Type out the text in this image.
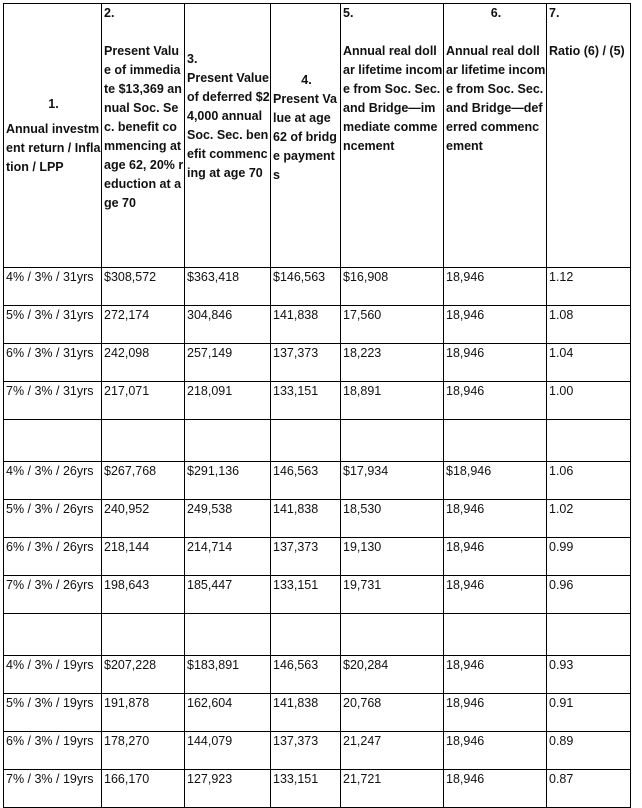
1.
Annual investment return / Inflation / LPP	2.
Present Value of immediate $13,369 annual Soc. Sec. benefit commencing at age 62, 20% reduction at age 70	3.
Present Value of deferred $24,000 annual Soc. Sec. benefit commencing at age 70	4.
Present Value at age 62 of bridge payments	5.
Annual real dollar lifetime income from Soc. Sec. and Bridge—immediate commencement	6.
Annual real dollar lifetime income from Soc. Sec. and Bridge—deferred commencement	7.
Ratio (6) / (5)
4% / 3% / 31yrs	$308,572	$363,418	$146,563	$16,908	18,946	1.12
5% / 3% / 31yrs	272,174	304,846	141,838	17,560	18,946	1.08
6% / 3% / 31yrs	242,098	257,149	137,373	18,223	18,946	1.04
7% / 3% / 31yrs	217,071	218,091	133,151	18,891	18,946	1.00

4% / 3% / 26yrs	$267,768	$291,136	146,563	$17,934	$18,946	1.06
5% / 3% / 26yrs	240,952	249,538	141,838	18,530	18,946	1.02
6% / 3% / 26yrs	218,144	214,714	137,373	19,130	18,946	0.99
7% / 3% / 26yrs	198,643	185,447	133,151	19,731	18,946	0.96

4% / 3% / 19yrs	$207,228	$183,891	146,563	$20,284	18,946	0.93
5% / 3% / 19yrs	191,878	162,604	141,838	20,768	18,946	0.91
6% / 3% / 19yrs	178,270	144,079	137,373	21,247	18,946	0.89
7% / 3% / 19yrs	166,170	127,923	133,151	21,721	18,946	0.87
